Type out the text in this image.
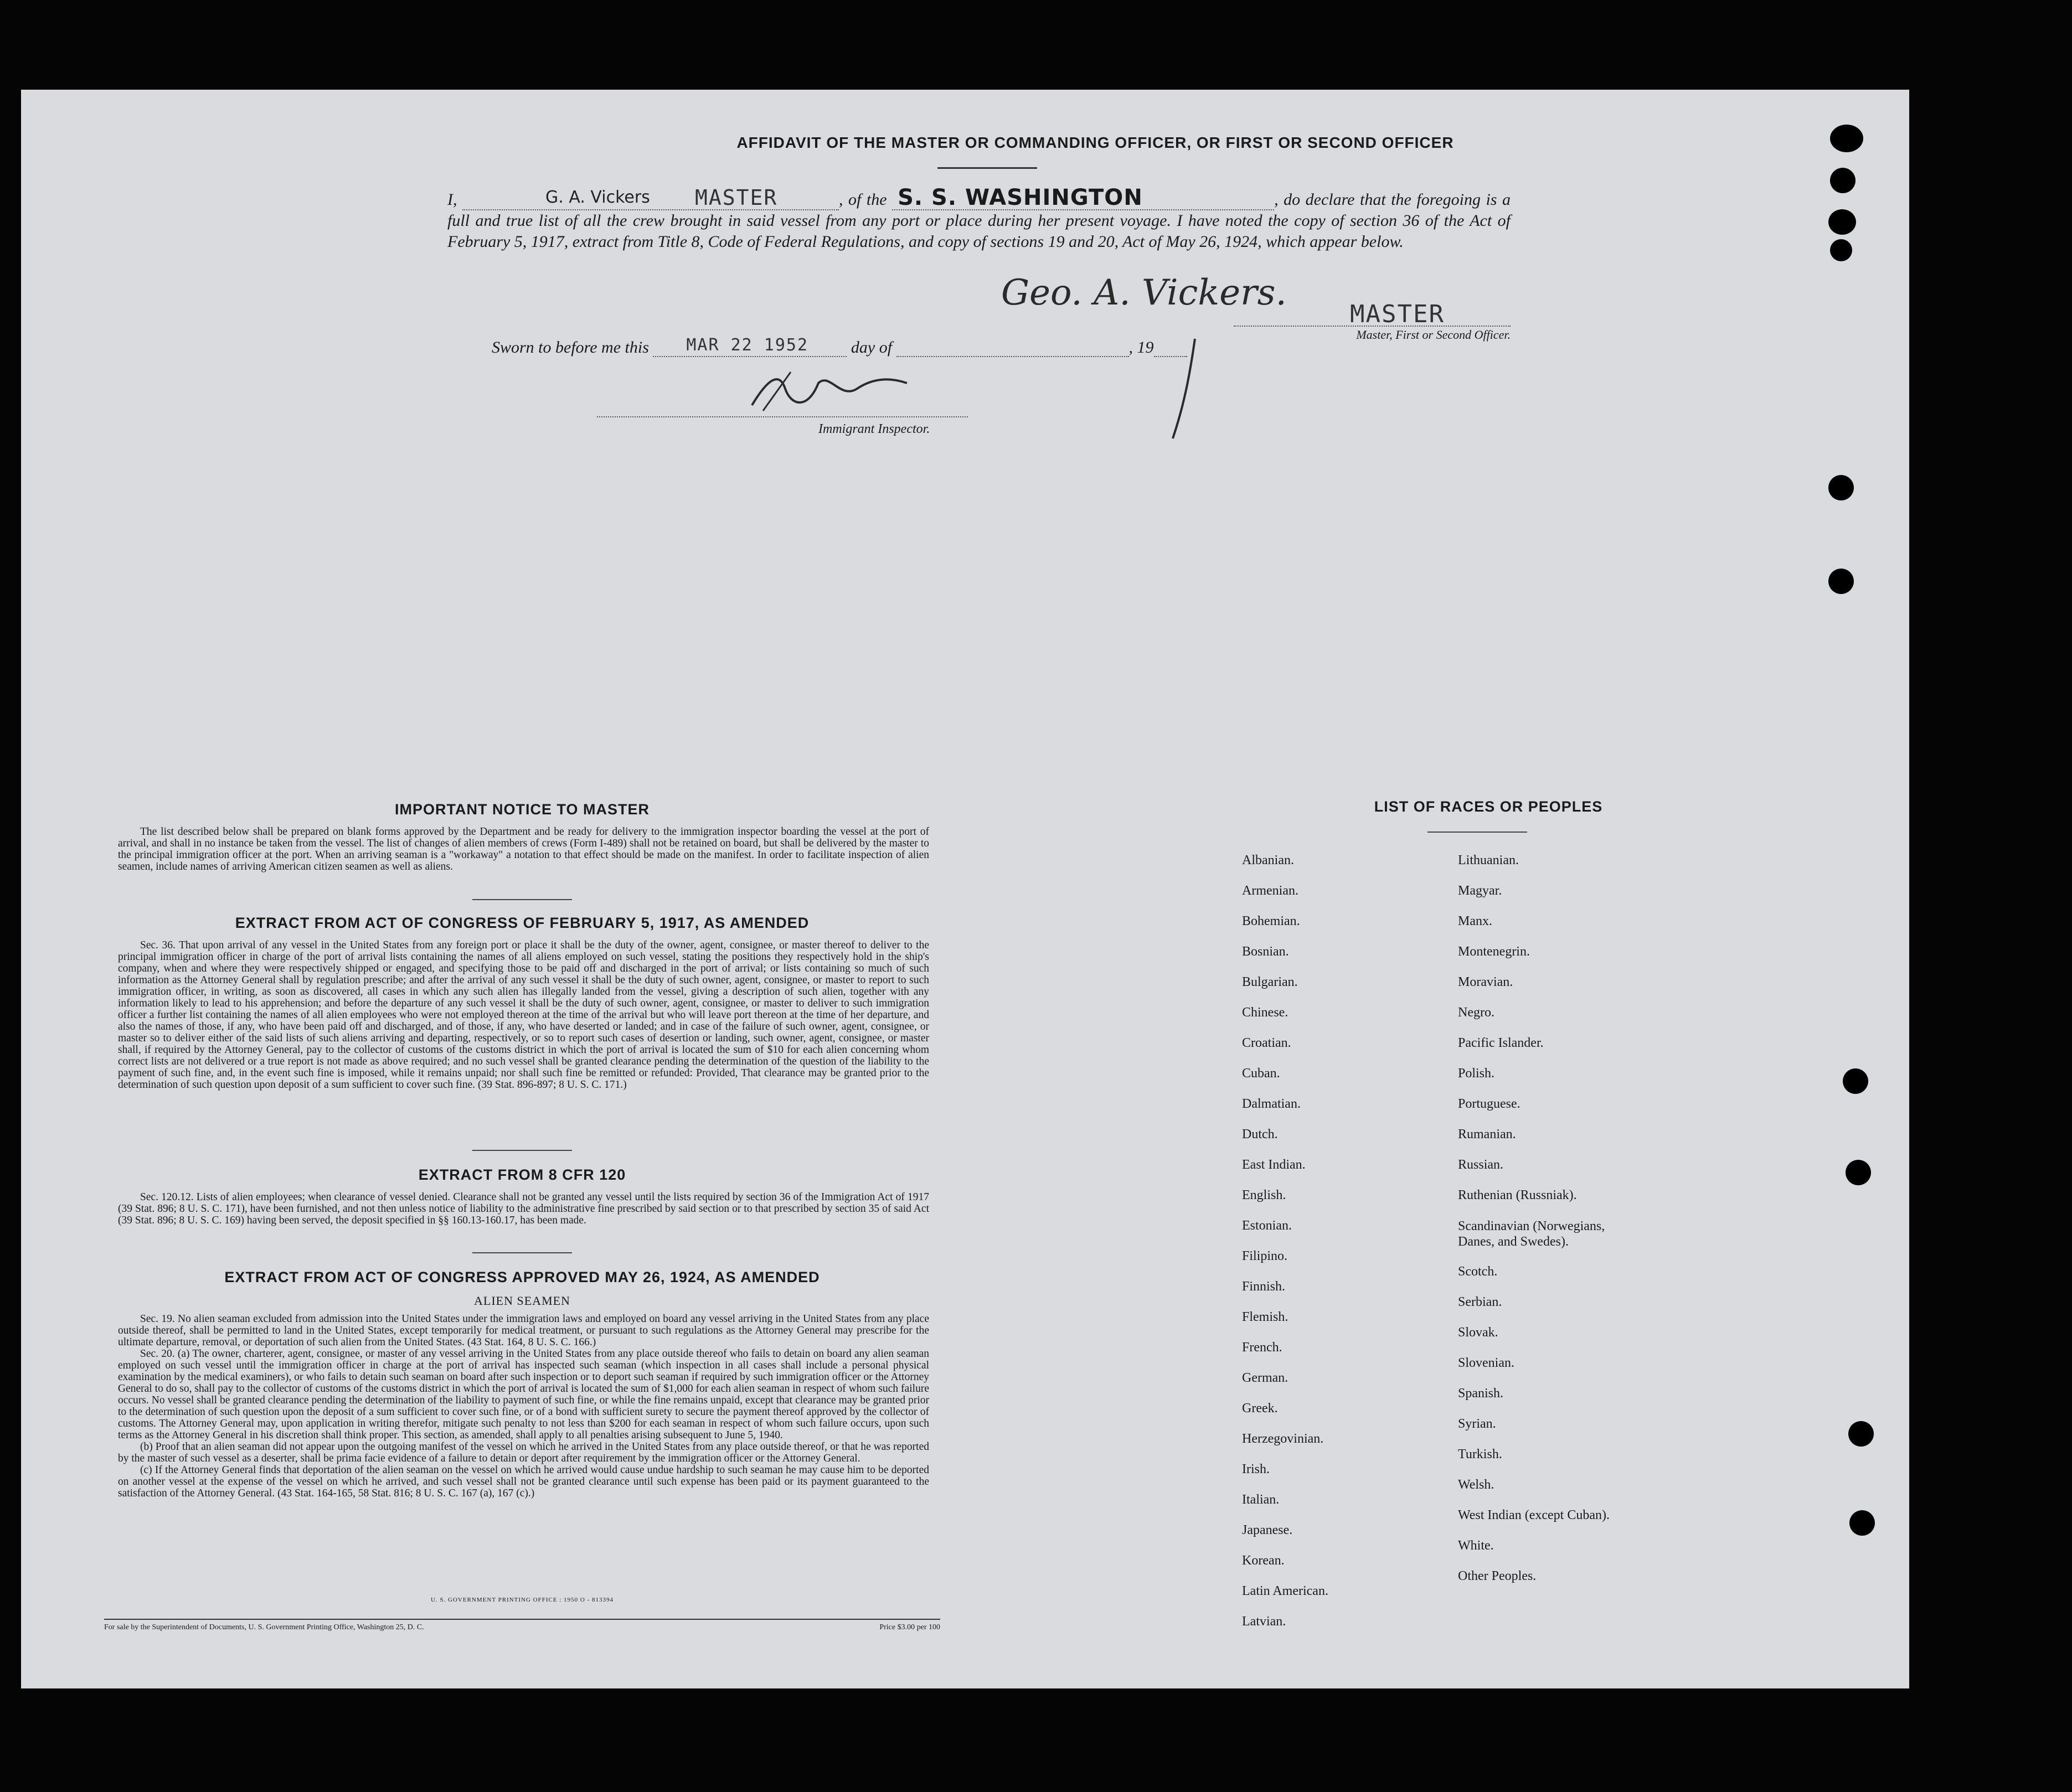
AFFIDAVIT OF THE MASTER OR COMMANDING OFFICER, OR FIRST OR SECOND OFFICER
I,	G. A. Vickers MASTER	, of the S. S. WASHINGTON	, do declare that the foregoing is a full and true list of all the crew brought in said vessel from any port or place during her present voyage. I have noted the copy of section 36 of the Act of February 5, 1917, extract from Title 8, Code of Federal Regulations, and copy of sections 19 and 20, Act of May 26, 1924, which appear below.
Geo. A. Vickers.
MASTER
Master, First or Second Officer.
Sworn to before me this MAR 22 1952	day of	, 19
Immigrant Inspector.
IMPORTANT NOTICE TO MASTER

The list described below shall be prepared on blank forms approved by the Department and be ready for delivery to the immigration inspector boarding the vessel at the port of arrival, and shall in no instance be taken from the vessel. The list of changes of alien members of crews (Form I-489) shall not be retained on board, but shall be delivered by the master to the principal immigration officer at the port. When an arriving seaman is a "workaway" a notation to that effect should be made on the manifest. In order to facilitate inspection of alien seamen, include names of arriving American citizen seamen as well as aliens.

EXTRACT FROM ACT OF CONGRESS OF FEBRUARY 5, 1917, AS AMENDED

Sec. 36. That upon arrival of any vessel in the United States from any foreign port or place it shall be the duty of the owner, agent, consignee, or master thereof to deliver to the principal immigration officer in charge of the port of arrival lists containing the names of all aliens employed on such vessel, stating the positions they respectively hold in the ship's company, when and where they were respectively shipped or engaged, and specifying those to be paid off and discharged in the port of arrival; or lists containing so much of such information as the Attorney General shall by regulation prescribe; and after the arrival of any such vessel it shall be the duty of such owner, agent, consignee, or master to report to such immigration officer, in writing, as soon as discovered, all cases in which any such alien has illegally landed from the vessel, giving a description of such alien, together with any information likely to lead to his apprehension; and before the departure of any such vessel it shall be the duty of such owner, agent, consignee, or master to deliver to such immigration officer a further list containing the names of all alien employees who were not employed thereon at the time of the arrival but who will leave port thereon at the time of her departure, and also the names of those, if any, who have been paid off and discharged, and of those, if any, who have deserted or landed; and in case of the failure of such owner, agent, consignee, or master so to deliver either of the said lists of such aliens arriving and departing, respectively, or so to report such cases of desertion or landing, such owner, agent, consignee, or master shall, if required by the Attorney General, pay to the collector of customs of the customs district in which the port of arrival is located the sum of $10 for each alien concerning whom correct lists are not delivered or a true report is not made as above required; and no such vessel shall be granted clearance pending the determination of the question of the liability to the payment of such fine, and, in the event such fine is imposed, while it remains unpaid; nor shall such fine be remitted or refunded: Provided, That clearance may be granted prior to the determination of such question upon deposit of a sum sufficient to cover such fine. (39 Stat. 896-897; 8 U. S. C. 171.)

EXTRACT FROM 8 CFR 120

Sec. 120.12. Lists of alien employees; when clearance of vessel denied. Clearance shall not be granted any vessel until the lists required by section 36 of the Immigration Act of 1917 (39 Stat. 896; 8 U. S. C. 171), have been furnished, and not then unless notice of liability to the administrative fine prescribed by said section or to that prescribed by section 35 of said Act (39 Stat. 896; 8 U. S. C. 169) having been served, the deposit specified in §§ 160.13-160.17, has been made.

EXTRACT FROM ACT OF CONGRESS APPROVED MAY 26, 1924, AS AMENDED
ALIEN SEAMEN

Sec. 19. No alien seaman excluded from admission into the United States under the immigration laws and employed on board any vessel arriving in the United States from any place outside thereof, shall be permitted to land in the United States, except temporarily for medical treatment, or pursuant to such regulations as the Attorney General may prescribe for the ultimate departure, removal, or deportation of such alien from the United States. (43 Stat. 164, 8 U. S. C. 166.)

Sec. 20. (a) The owner, charterer, agent, consignee, or master of any vessel arriving in the United States from any place outside thereof who fails to detain on board any alien seaman employed on such vessel until the immigration officer in charge at the port of arrival has inspected such seaman (which inspection in all cases shall include a personal physical examination by the medical examiners), or who fails to detain such seaman on board after such inspection or to deport such seaman if required by such immigration officer or the Attorney General to do so, shall pay to the collector of customs of the customs district in which the port of arrival is located the sum of $1,000 for each alien seaman in respect of whom such failure occurs. No vessel shall be granted clearance pending the determination of the liability to payment of such fine, or while the fine remains unpaid, except that clearance may be granted prior to the determination of such question upon the deposit of a sum sufficient to cover such fine, or of a bond with sufficient surety to secure the payment thereof approved by the collector of customs. The Attorney General may, upon application in writing therefor, mitigate such penalty to not less than $200 for each seaman in respect of whom such failure occurs, upon such terms as the Attorney General in his discretion shall think proper. This section, as amended, shall apply to all penalties arising subsequent to June 5, 1940.

(b) Proof that an alien seaman did not appear upon the outgoing manifest of the vessel on which he arrived in the United States from any place outside thereof, or that he was reported by the master of such vessel as a deserter, shall be prima facie evidence of a failure to detain or deport after requirement by the immigration officer or the Attorney General.

(c) If the Attorney General finds that deportation of the alien seaman on the vessel on which he arrived would cause undue hardship to such seaman he may cause him to be deported on another vessel at the expense of the vessel on which he arrived, and such vessel shall not be granted clearance until such expense has been paid or its payment guaranteed to the satisfaction of the Attorney General. (43 Stat. 164-165, 58 Stat. 816; 8 U. S. C. 167 (a), 167 (c).)

U. S. GOVERNMENT PRINTING OFFICE : 1950 O - 813394
For sale by the Superintendent of Documents, U. S. Government Printing Office, Washington 25, D. C.	Price $3.00 per 100
LIST OF RACES OR PEOPLES
Albanian.
Armenian.
Bohemian.
Bosnian.
Bulgarian.
Chinese.
Croatian.
Cuban.
Dalmatian.
Dutch.
East Indian.
English.
Estonian.
Filipino.
Finnish.
Flemish.
French.
German.
Greek.
Herzegovinian.
Irish.
Italian.
Japanese.
Korean.
Latin American.
Latvian.
Lithuanian.
Magyar.
Manx.
Montenegrin.
Moravian.
Negro.
Pacific Islander.
Polish.
Portuguese.
Rumanian.
Russian.
Ruthenian (Russniak).
Scandinavian (Norwegians,
Danes, and Swedes).
Scotch.
Serbian.
Slovak.
Slovenian.
Spanish.
Syrian.
Turkish.
Welsh.
West Indian (except Cuban).
White.
Other Peoples.
